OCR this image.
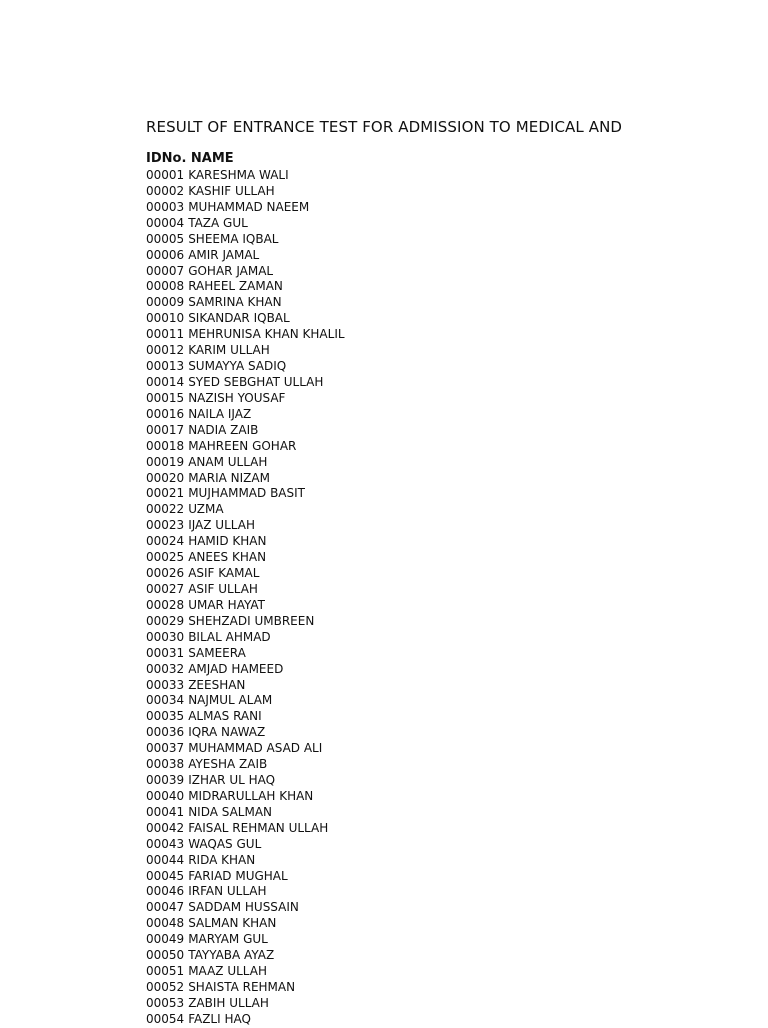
RESULT OF ENTRANCE TEST FOR ADMISSION TO MEDICAL AND
IDNo. NAME
00001 KARESHMA WALI
00002 KASHIF ULLAH
00003 MUHAMMAD NAEEM
00004 TAZA GUL
00005 SHEEMA IQBAL
00006 AMIR JAMAL
00007 GOHAR JAMAL
00008 RAHEEL ZAMAN
00009 SAMRINA KHAN
00010 SIKANDAR IQBAL
00011 MEHRUNISA KHAN KHALIL
00012 KARIM ULLAH
00013 SUMAYYA SADIQ
00014 SYED SEBGHAT ULLAH
00015 NAZISH YOUSAF
00016 NAILA IJAZ
00017 NADIA ZAIB
00018 MAHREEN GOHAR
00019 ANAM ULLAH
00020 MARIA NIZAM
00021 MUJHAMMAD BASIT
00022 UZMA
00023 IJAZ ULLAH
00024 HAMID KHAN
00025 ANEES KHAN
00026 ASIF KAMAL
00027 ASIF ULLAH
00028 UMAR HAYAT
00029 SHEHZADI UMBREEN
00030 BILAL AHMAD
00031 SAMEERA
00032 AMJAD HAMEED
00033 ZEESHAN
00034 NAJMUL ALAM
00035 ALMAS RANI
00036 IQRA NAWAZ
00037 MUHAMMAD ASAD ALI
00038 AYESHA ZAIB
00039 IZHAR UL HAQ
00040 MIDRARULLAH KHAN
00041 NIDA SALMAN
00042 FAISAL REHMAN ULLAH
00043 WAQAS GUL
00044 RIDA KHAN
00045 FARIAD MUGHAL
00046 IRFAN ULLAH
00047 SADDAM HUSSAIN
00048 SALMAN KHAN
00049 MARYAM GUL
00050 TAYYABA AYAZ
00051 MAAZ ULLAH
00052 SHAISTA REHMAN
00053 ZABIH ULLAH
00054 FAZLI HAQ
